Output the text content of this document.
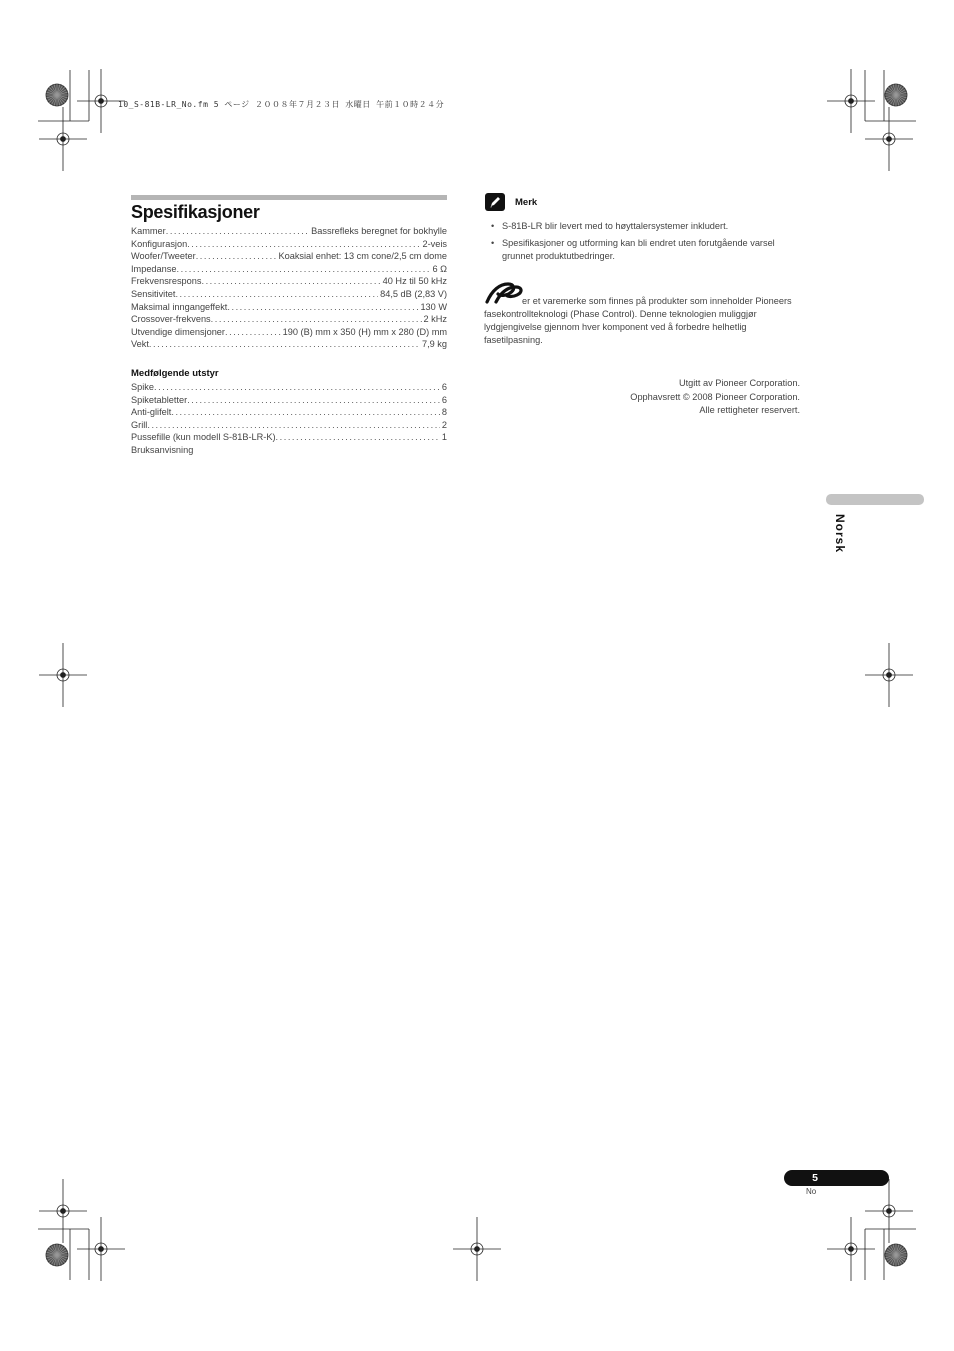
10_S-81B-LR_No.fm 5 ページ ２００８年７月２３日 水曜日 午前１０時２４分
Spesifikasjoner
Kammer . . .	Bassrefleks beregnet for bokhylle
Konfigurasjon . . .	2-veis
Woofer/Tweeter . . .	Koaksial enhet: 13 cm cone/2,5 cm dome
Impedanse . . .	6 Ω
Frekvensrespons . . .	40 Hz til 50 kHz
Sensitivitet . . .	84,5 dB (2,83 V)
Maksimal inngangeffekt . . .	130 W
Crossover-frekvens . . .	2 kHz
Utvendige dimensjoner . . .	190 (B) mm x 350 (H) mm x 280 (D) mm
Vekt . . .	7,9 kg
Medfølgende utstyr
Spike . . .	6
Spiketabletter . . .	6
Anti-glifelt . . .	8
Grill . . .	2
Pussefille (kun modell S-81B-LR-K) . . .	1
Bruksanvisning
Merk
• S-81B-LR blir levert med to høyttalersystemer inkludert.
• Spesifikasjoner og utforming kan bli endret uten forutgående varsel grunnet produktutbedringer.
er et varemerke som finnes på produkter som inneholder Pioneers fasekontrollteknologi (Phase Control). Denne teknologien muliggjør lydgjengivelse gjennom hver komponent ved å forbedre helhetlig fasetilpasning.
Utgitt av Pioneer Corporation.
Opphavsrett © 2008 Pioneer Corporation.
Alle rettigheter reservert.
Norsk
5
No
